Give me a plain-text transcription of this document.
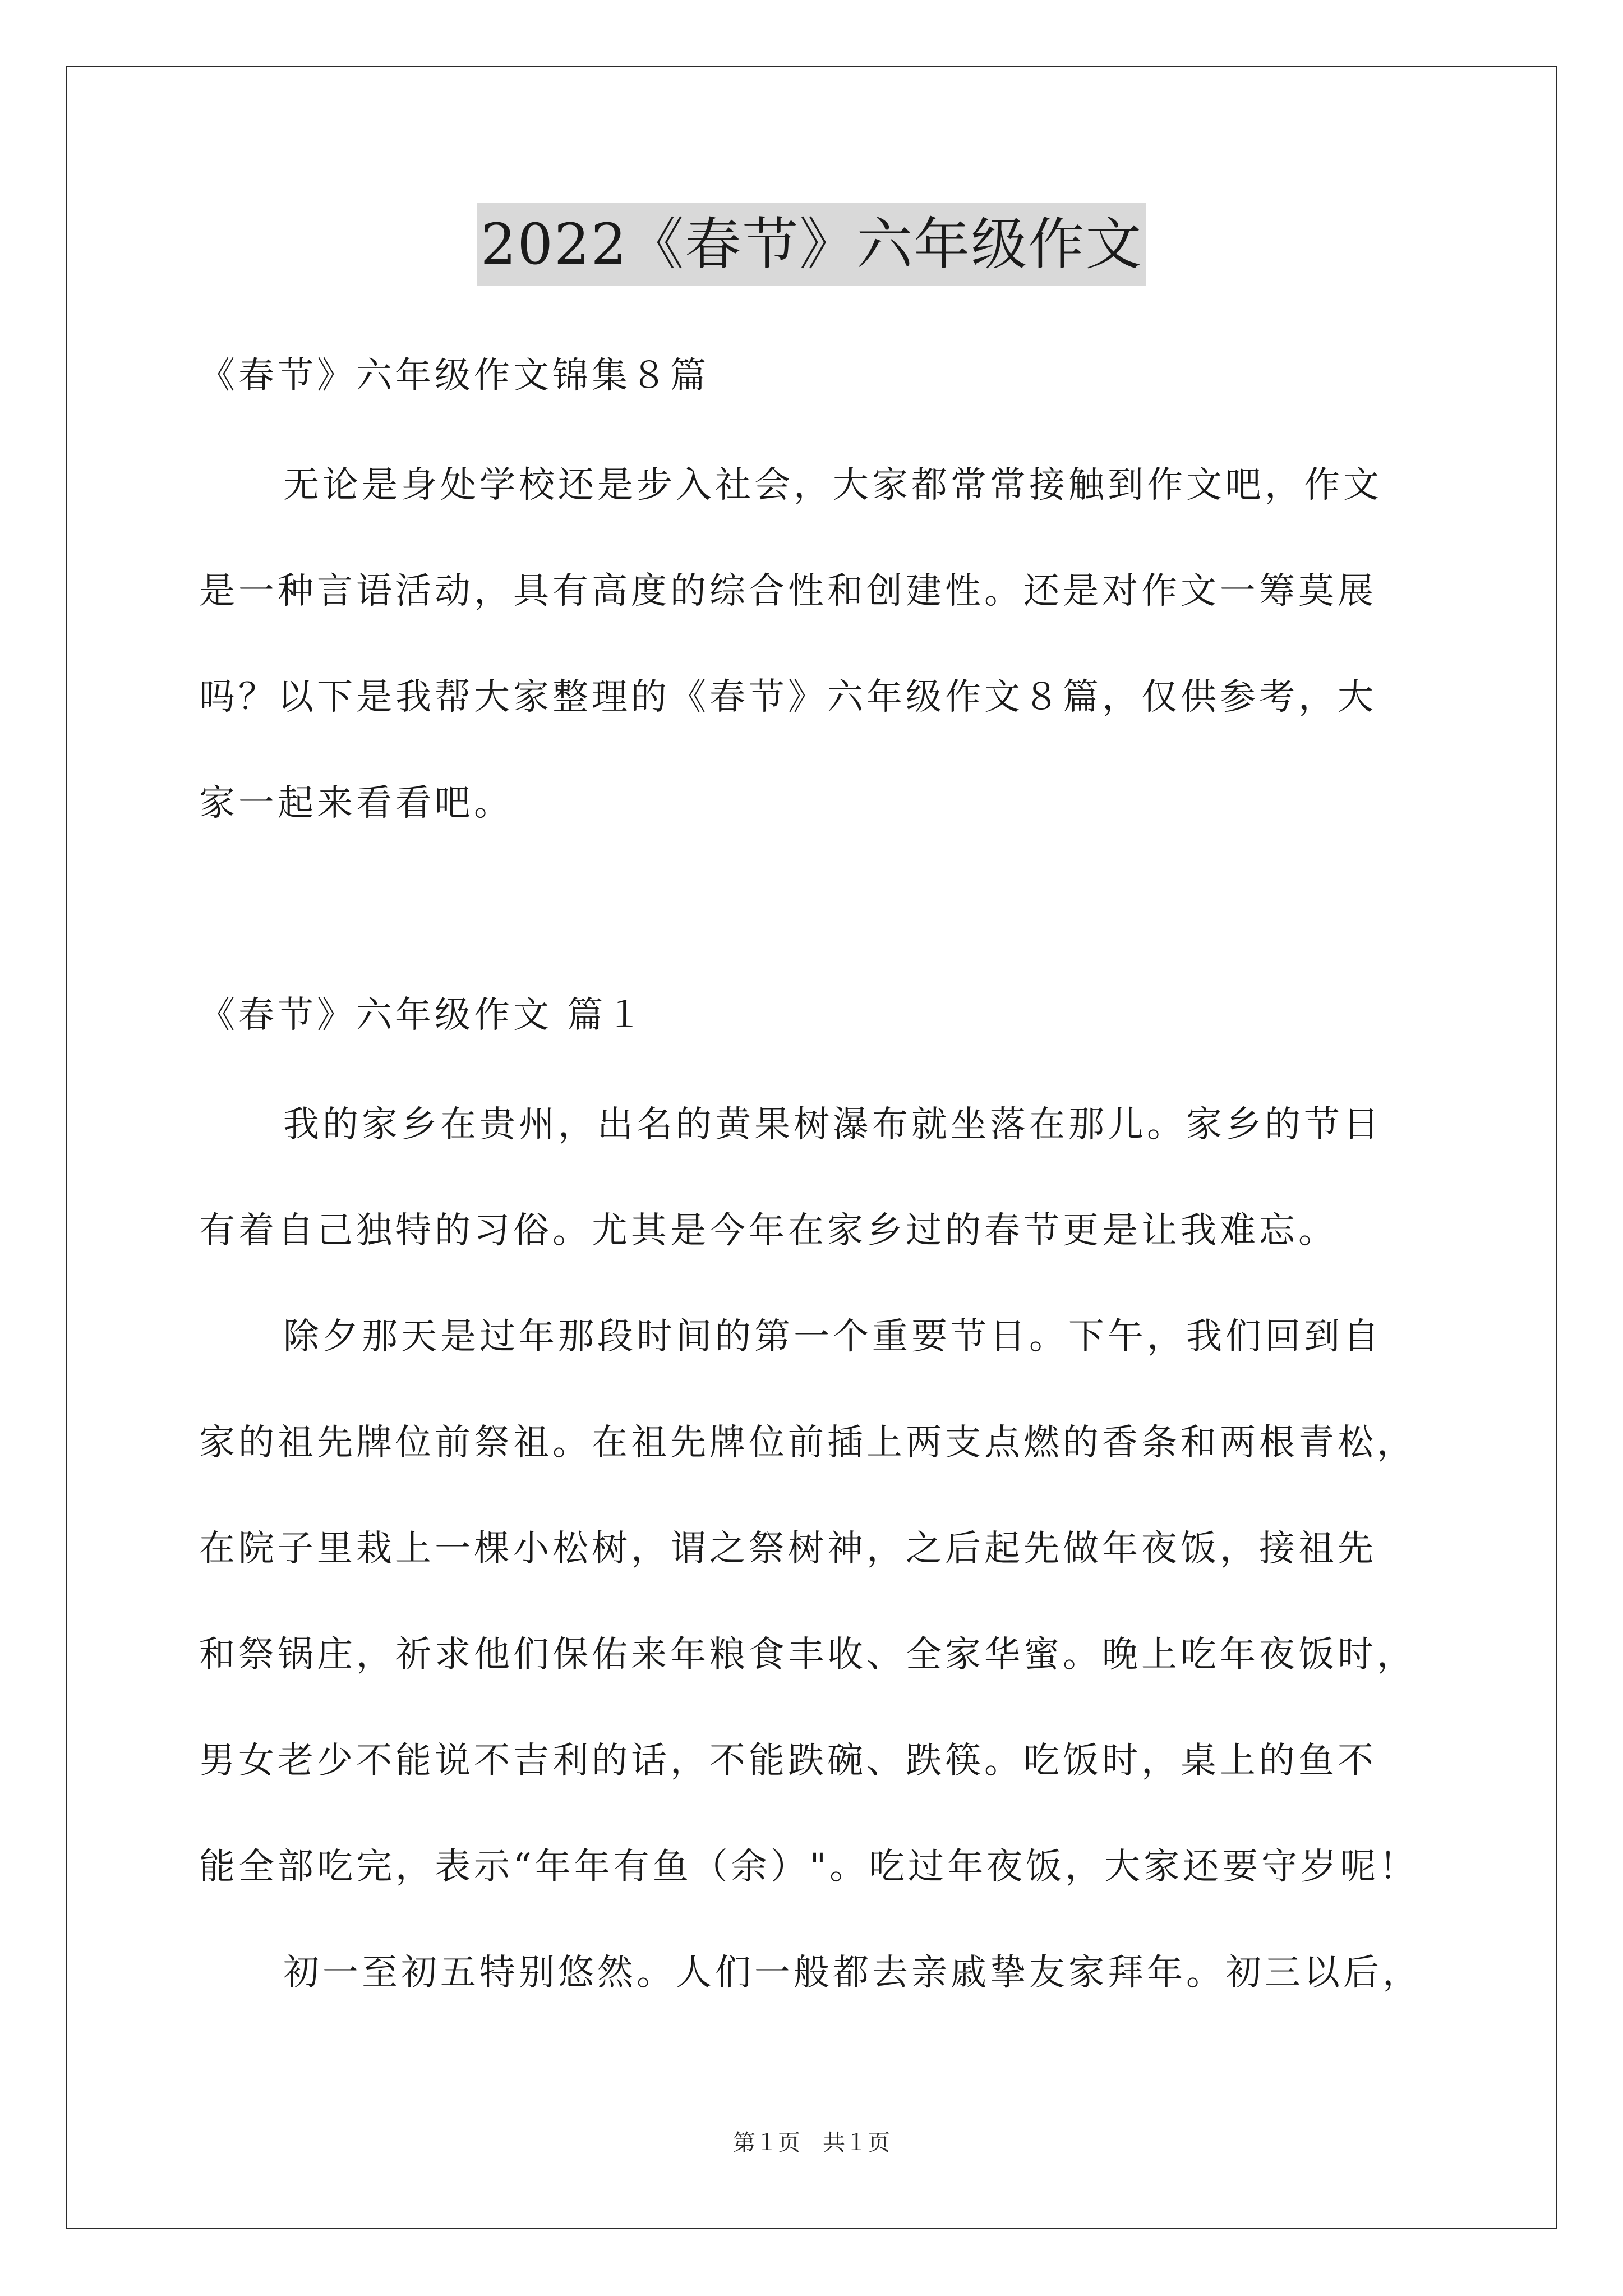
2022《春节》六年级作文
《春节》六年级作文锦集８篇
无论是身处学校还是步入社会，大家都常常接触到作文吧，作文
是一种言语活动，具有高度的综合性和创建性。还是对作文一筹莫展
吗？以下是我帮大家整理的《春节》六年级作文８篇，仅供参考，大
家一起来看看吧。
《春节》六年级作文 篇１
我的家乡在贵州，出名的黄果树瀑布就坐落在那儿。家乡的节日
有着自己独特的习俗。尤其是今年在家乡过的春节更是让我难忘。
除夕那天是过年那段时间的第一个重要节日。下午，我们回到自
家的祖先牌位前祭祖。在祖先牌位前插上两支点燃的香条和两根青松，
在院子里栽上一棵小松树，谓之祭树神，之后起先做年夜饭，接祖先
和祭锅庄，祈求他们保佑来年粮食丰收、全家华蜜。晚上吃年夜饭时，
男女老少不能说不吉利的话，不能跌碗、跌筷。吃饭时，桌上的鱼不
能全部吃完，表示“年年有鱼（余）"。吃过年夜饭，大家还要守岁呢！
初一至初五特别悠然。人们一般都去亲戚挚友家拜年。初三以后，
第１页　共１页
